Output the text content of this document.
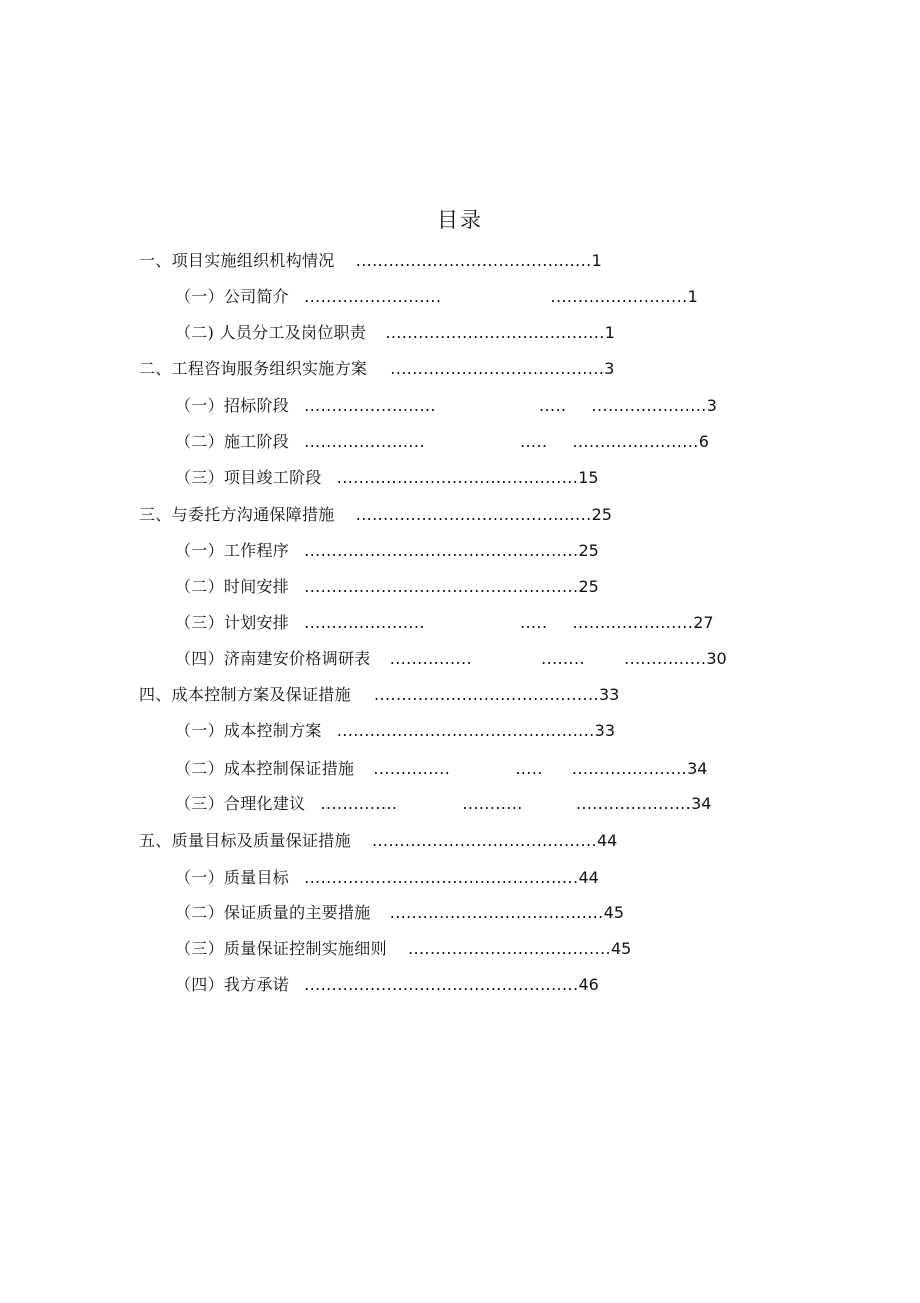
目录
一、项目实施组织机构情况 ...........................................1
（一）公司简介 .........................	.........................1
（二) 人员分工及岗位职责 ........................................1
二、工程咨询服务组织实施方案 .......................................3
（一）招标阶段 ........................	..... .....................3
（二）施工阶段 ......................	..... .......................6
（三）项目竣工阶段 ............................................15
三、与委托方沟通保障措施 ...........................................25
（一）工作程序 ..................................................25
（二）时间安排 ..................................................25
（三）计划安排 ......................	..... ......................27
（四）济南建安价格调研表 ...............	........ ...............30
四、成本控制方案及保证措施 .........................................33
（一）成本控制方案 ...............................................33
（二）成本控制保证措施 ..............	..... .....................34
（三）合理化建议 ..............	...........	.....................34
五、质量目标及质量保证措施 .........................................44
（一）质量目标 ..................................................44
（二）保证质量的主要措施 .......................................45
（三）质量保证控制实施细则 .....................................45
（四）我方承诺 ..................................................46
